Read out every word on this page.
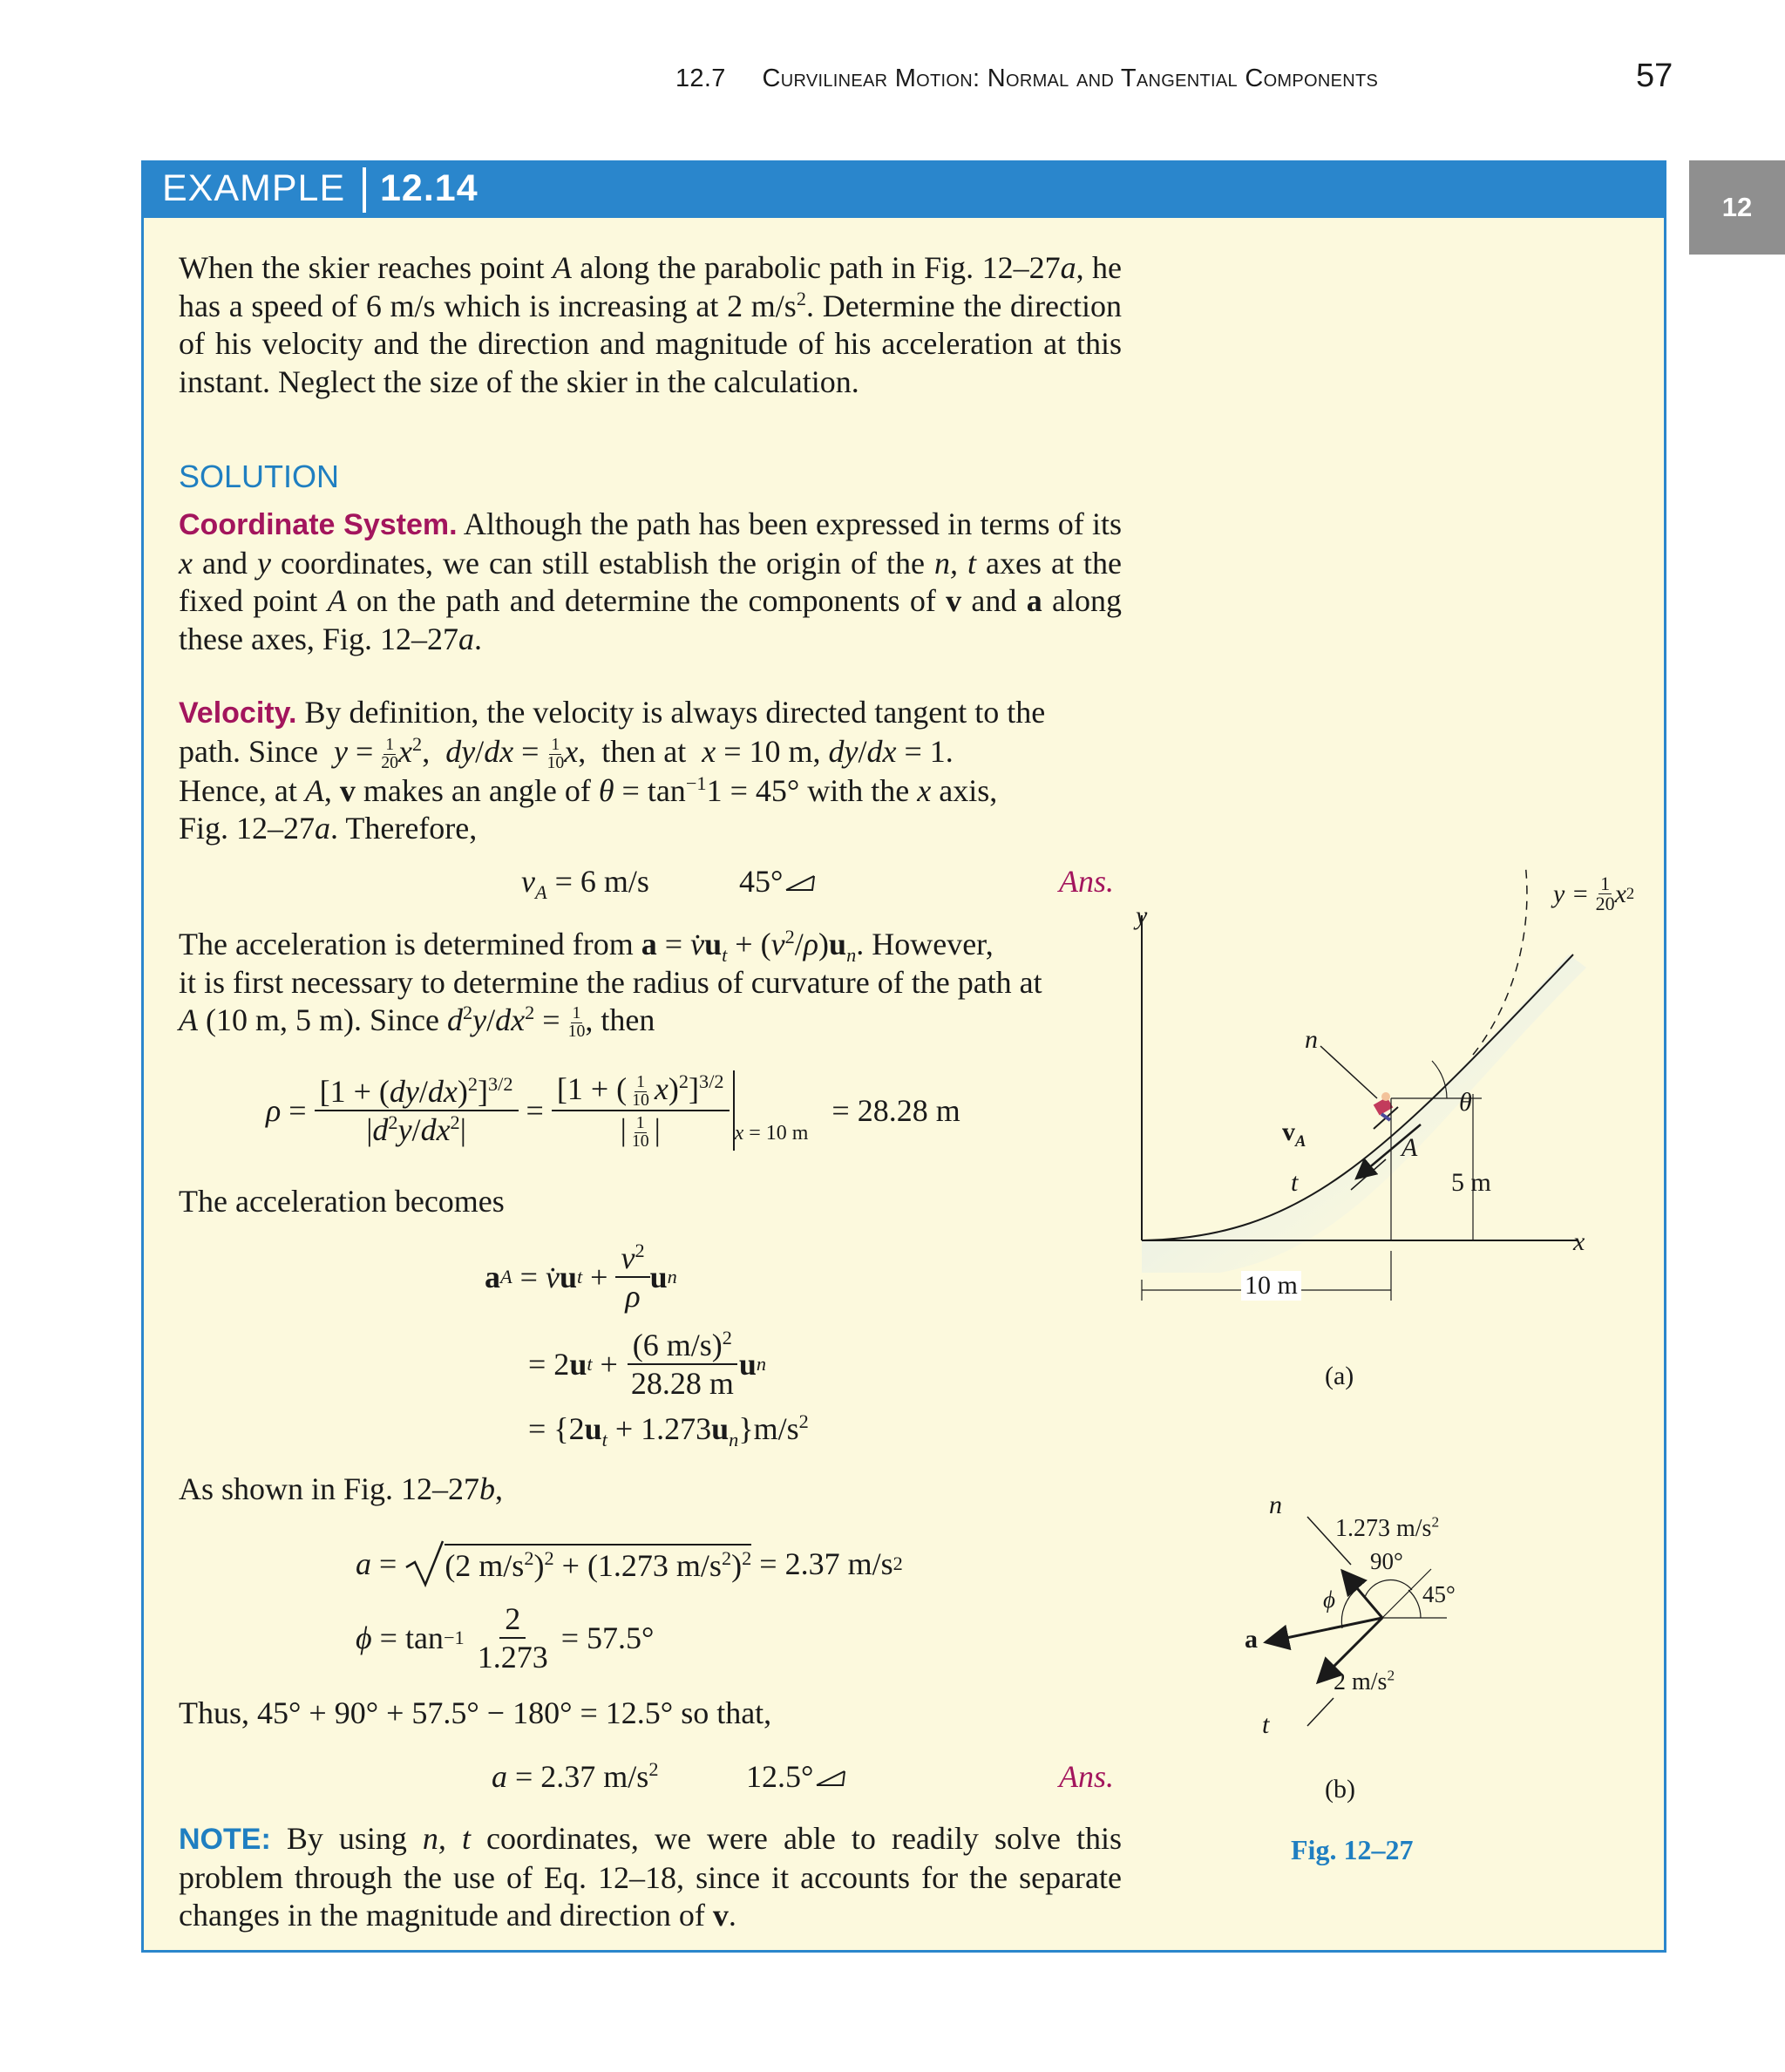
12.7 Curvilinear Motion: Normal and Tangential Components	57
12
EXAMPLE 12.14
When the skier reaches point A along the parabolic path in Fig. 12–27a, he has a speed of 6 m/s which is increasing at 2 $m/s^2$. Determine the direction of his velocity and the direction and magnitude of his acceleration at this instant. Neglect the size of the skier in the calculation.
SOLUTION
Coordinate System. Although the path has been expressed in terms of its x and y coordinates, we can still establish the origin of the n, t axes at the fixed point A on the path and determine the components of v and a along these axes, Fig. 12–27a.
Velocity. By definition, the velocity is always directed tangent to the
path. Since $y = \frac{1}{20} x^2$,  $dy/dx = \frac{1}{10} x$,  then at x = 10 m, dy/dx = 1.
Hence, at A, v makes an angle of $\theta = \tan^{-1}1 = 45^\circ$ with the x axis,
Fig. 12–27a. Therefore,
$v_A = 6$ m/s	45°	Ans.
The acceleration is determined from $a = v̇u_t + (v^2/\rho)u_n$. However,
it is first necessary to determine the radius of curvature of the path at
A (10 m, 5 m). Since $d^2y/dx^2 = \frac{1}{10}$ , then
$\rho = \frac{[1 + (dy/dx)^2]^{3/2}}{|d^2y/dx^2|} = \frac{[1 + ( \frac{1}{10} x)^2]^{3/2}}{| \frac{1}{10} |}$ x = 10 m

= 28.28 m
The acceleration becomes
a A = v̇ u $t + \frac{v^2}{\rho}$ u n
= 2 u $t + \frac{(6 m/s)^2}{28.28 m}$ u n
= $\{2u_t + 1.273u_n\}m/s^2$
As shown in Fig. 12–27b,
a = (2 $m/s^2)^2 + (1.273$ $m/s^2)^2 = 2.37$ m/s 2
ϕ = tan −1
$\frac{2}{1.273}$
= 57.5°
Thus, 45° + 90° + 57.5° − 180° = 12.5° so that,
a = 2.37 $m/s^2$	12.5°	Ans.
NOTE: By using n, t coordinates, we were able to readily solve this problem through the use of Eq. 12–18, since it accounts for the separate changes in the magnitude and direction of v.
y
x
y =
$\frac{1}{20}$ x 2
n
t
$v_A$	A
θ
5 m
10 m
(a)
n
t
a
1.273 $m/s^2$
90°
45°
ϕ
2 $m/s^2$
(b)
Fig. 12–27
